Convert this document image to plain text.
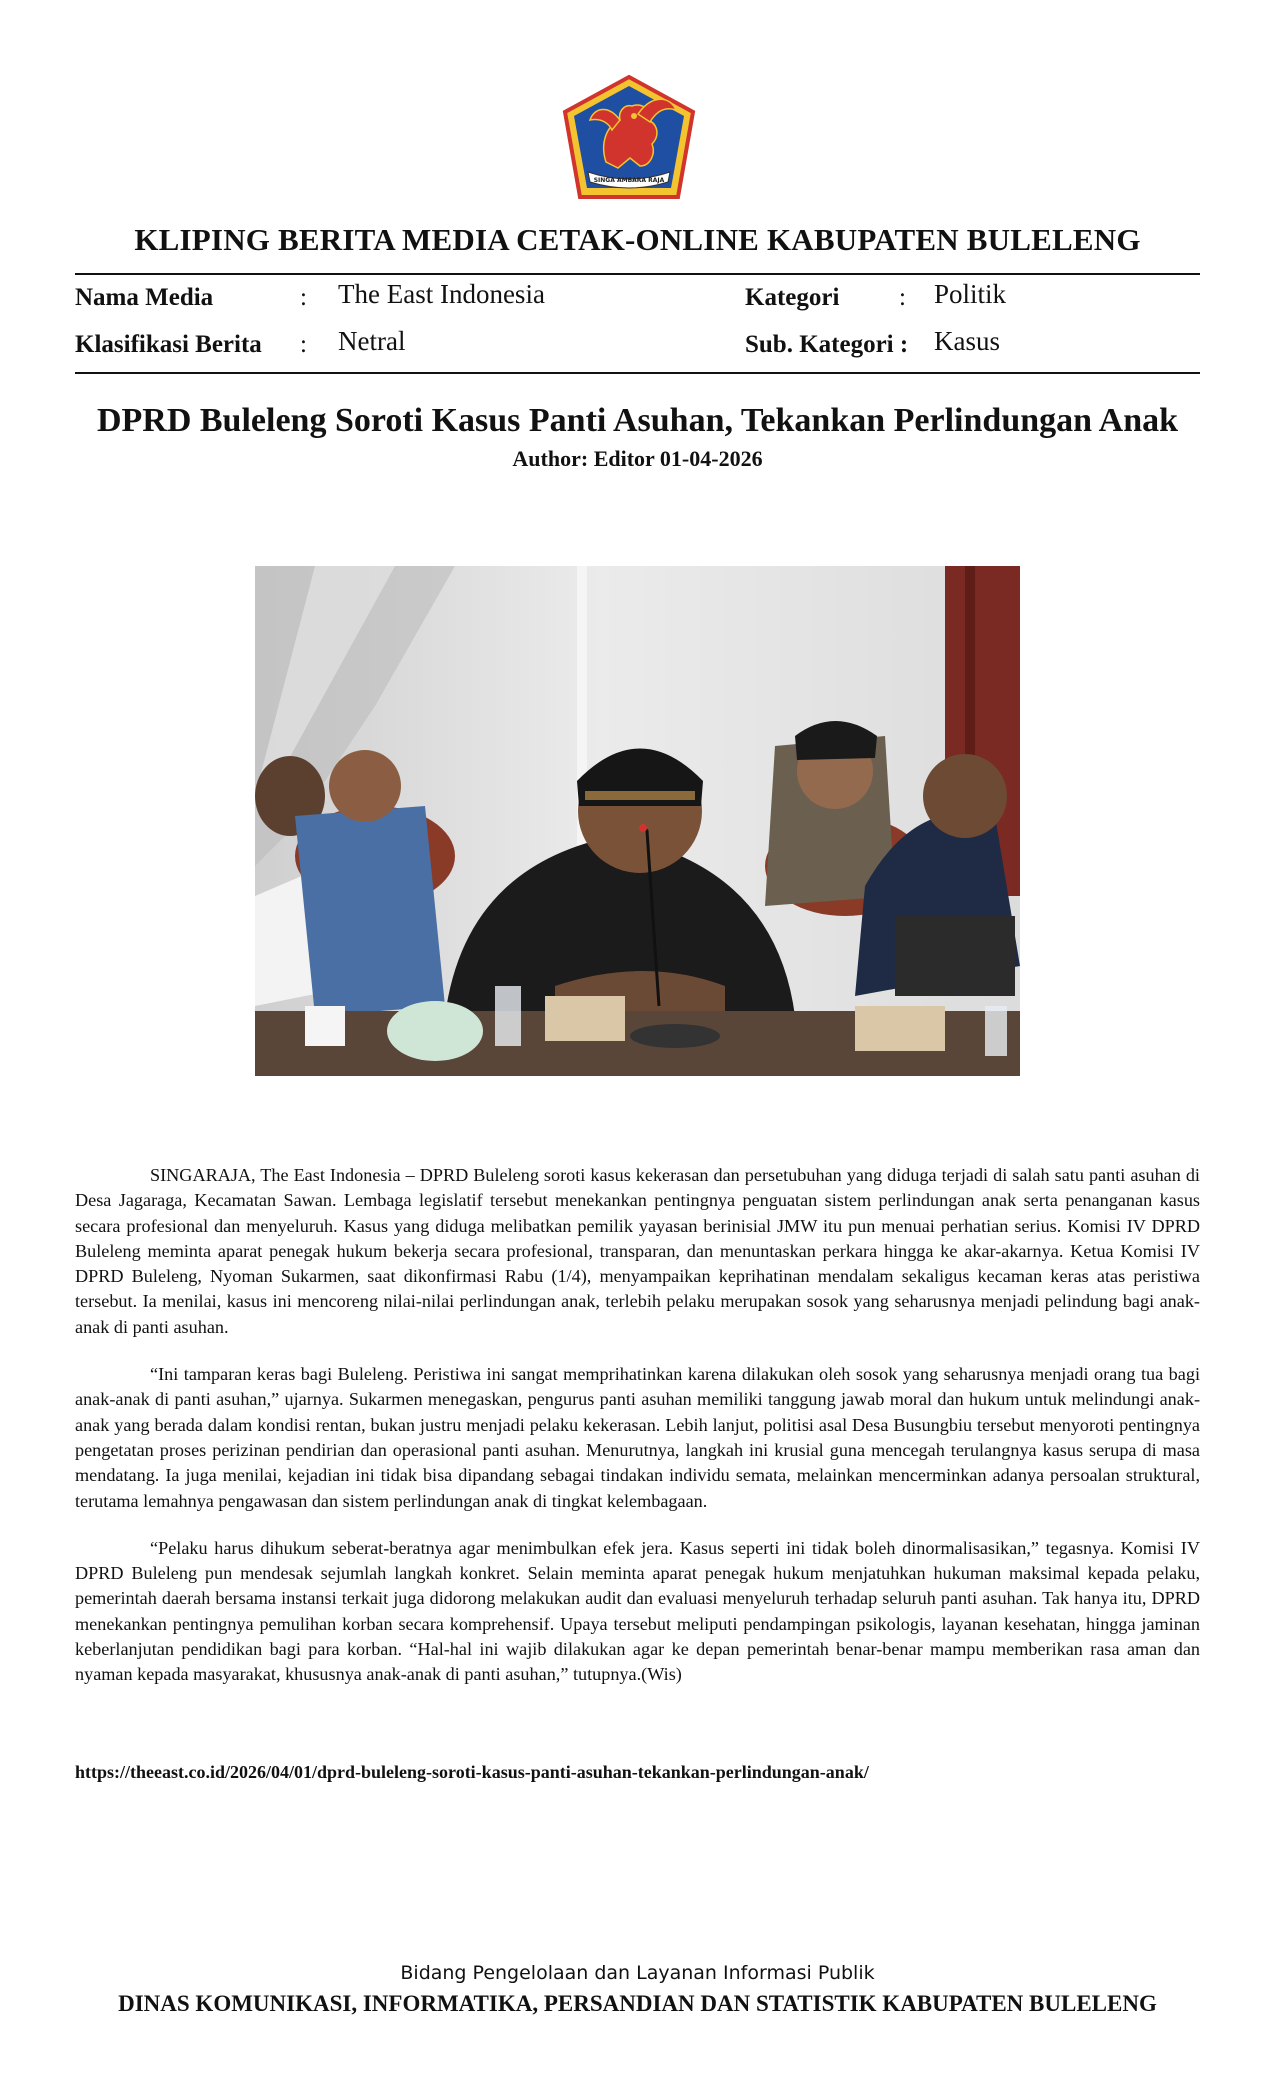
SINGA AMBARA RAJA
KLIPING BERITA MEDIA CETAK-ONLINE KABUPATEN BULELENG
Nama Media	: The East Indonesia	Kategori : Politik
Klasifikasi Berita : Netral	Sub. Kategori : Kasus
DPRD Buleleng Soroti Kasus Panti Asuhan, Tekankan Perlindungan Anak
Author: Editor 01-04-2026

SINGARAJA, The East Indonesia – DPRD Buleleng soroti kasus kekerasan dan persetubuhan yang diduga terjadi di salah satu panti asuhan di Desa Jagaraga, Kecamatan Sawan. Lembaga legislatif tersebut menekankan pentingnya penguatan sistem perlindungan anak serta penanganan kasus secara profesional dan menyeluruh. Kasus yang diduga melibatkan pemilik yayasan berinisial JMW itu pun menuai perhatian serius. Komisi IV DPRD Buleleng meminta aparat penegak hukum bekerja secara profesional, transparan, dan menuntaskan perkara hingga ke akar-akarnya. Ketua Komisi IV DPRD Buleleng, Nyoman Sukarmen, saat dikonfirmasi Rabu (1/4), menyampaikan keprihatinan mendalam sekaligus kecaman keras atas peristiwa tersebut. Ia menilai, kasus ini mencoreng nilai-nilai perlindungan anak, terlebih pelaku merupakan sosok yang seharusnya menjadi pelindung bagi anak-anak di panti asuhan.

“Ini tamparan keras bagi Buleleng. Peristiwa ini sangat memprihatinkan karena dilakukan oleh sosok yang seharusnya menjadi orang tua bagi anak-anak di panti asuhan,” ujarnya. Sukarmen menegaskan, pengurus panti asuhan memiliki tanggung jawab moral dan hukum untuk melindungi anak-anak yang berada dalam kondisi rentan, bukan justru menjadi pelaku kekerasan. Lebih lanjut, politisi asal Desa Busungbiu tersebut menyoroti pentingnya pengetatan proses perizinan pendirian dan operasional panti asuhan. Menurutnya, langkah ini krusial guna mencegah terulangnya kasus serupa di masa mendatang. Ia juga menilai, kejadian ini tidak bisa dipandang sebagai tindakan individu semata, melainkan mencerminkan adanya persoalan struktural, terutama lemahnya pengawasan dan sistem perlindungan anak di tingkat kelembagaan.

“Pelaku harus dihukum seberat-beratnya agar menimbulkan efek jera. Kasus seperti ini tidak boleh dinormalisasikan,” tegasnya. Komisi IV DPRD Buleleng pun mendesak sejumlah langkah konkret. Selain meminta aparat penegak hukum menjatuhkan hukuman maksimal kepada pelaku, pemerintah daerah bersama instansi terkait juga didorong melakukan audit dan evaluasi menyeluruh terhadap seluruh panti asuhan. Tak hanya itu, DPRD menekankan pentingnya pemulihan korban secara komprehensif. Upaya tersebut meliputi pendampingan psikologis, layanan kesehatan, hingga jaminan keberlanjutan pendidikan bagi para korban. “Hal-hal ini wajib dilakukan agar ke depan pemerintah benar-benar mampu memberikan rasa aman dan nyaman kepada masyarakat, khususnya anak-anak di panti asuhan,” tutupnya.(Wis)

https://theeast.co.id/2026/04/01/dprd-buleleng-soroti-kasus-panti-asuhan-tekankan-perlindungan-anak/
Bidang Pengelolaan dan Layanan Informasi Publik
DINAS KOMUNIKASI, INFORMATIKA, PERSANDIAN DAN STATISTIK KABUPATEN BULELENG
